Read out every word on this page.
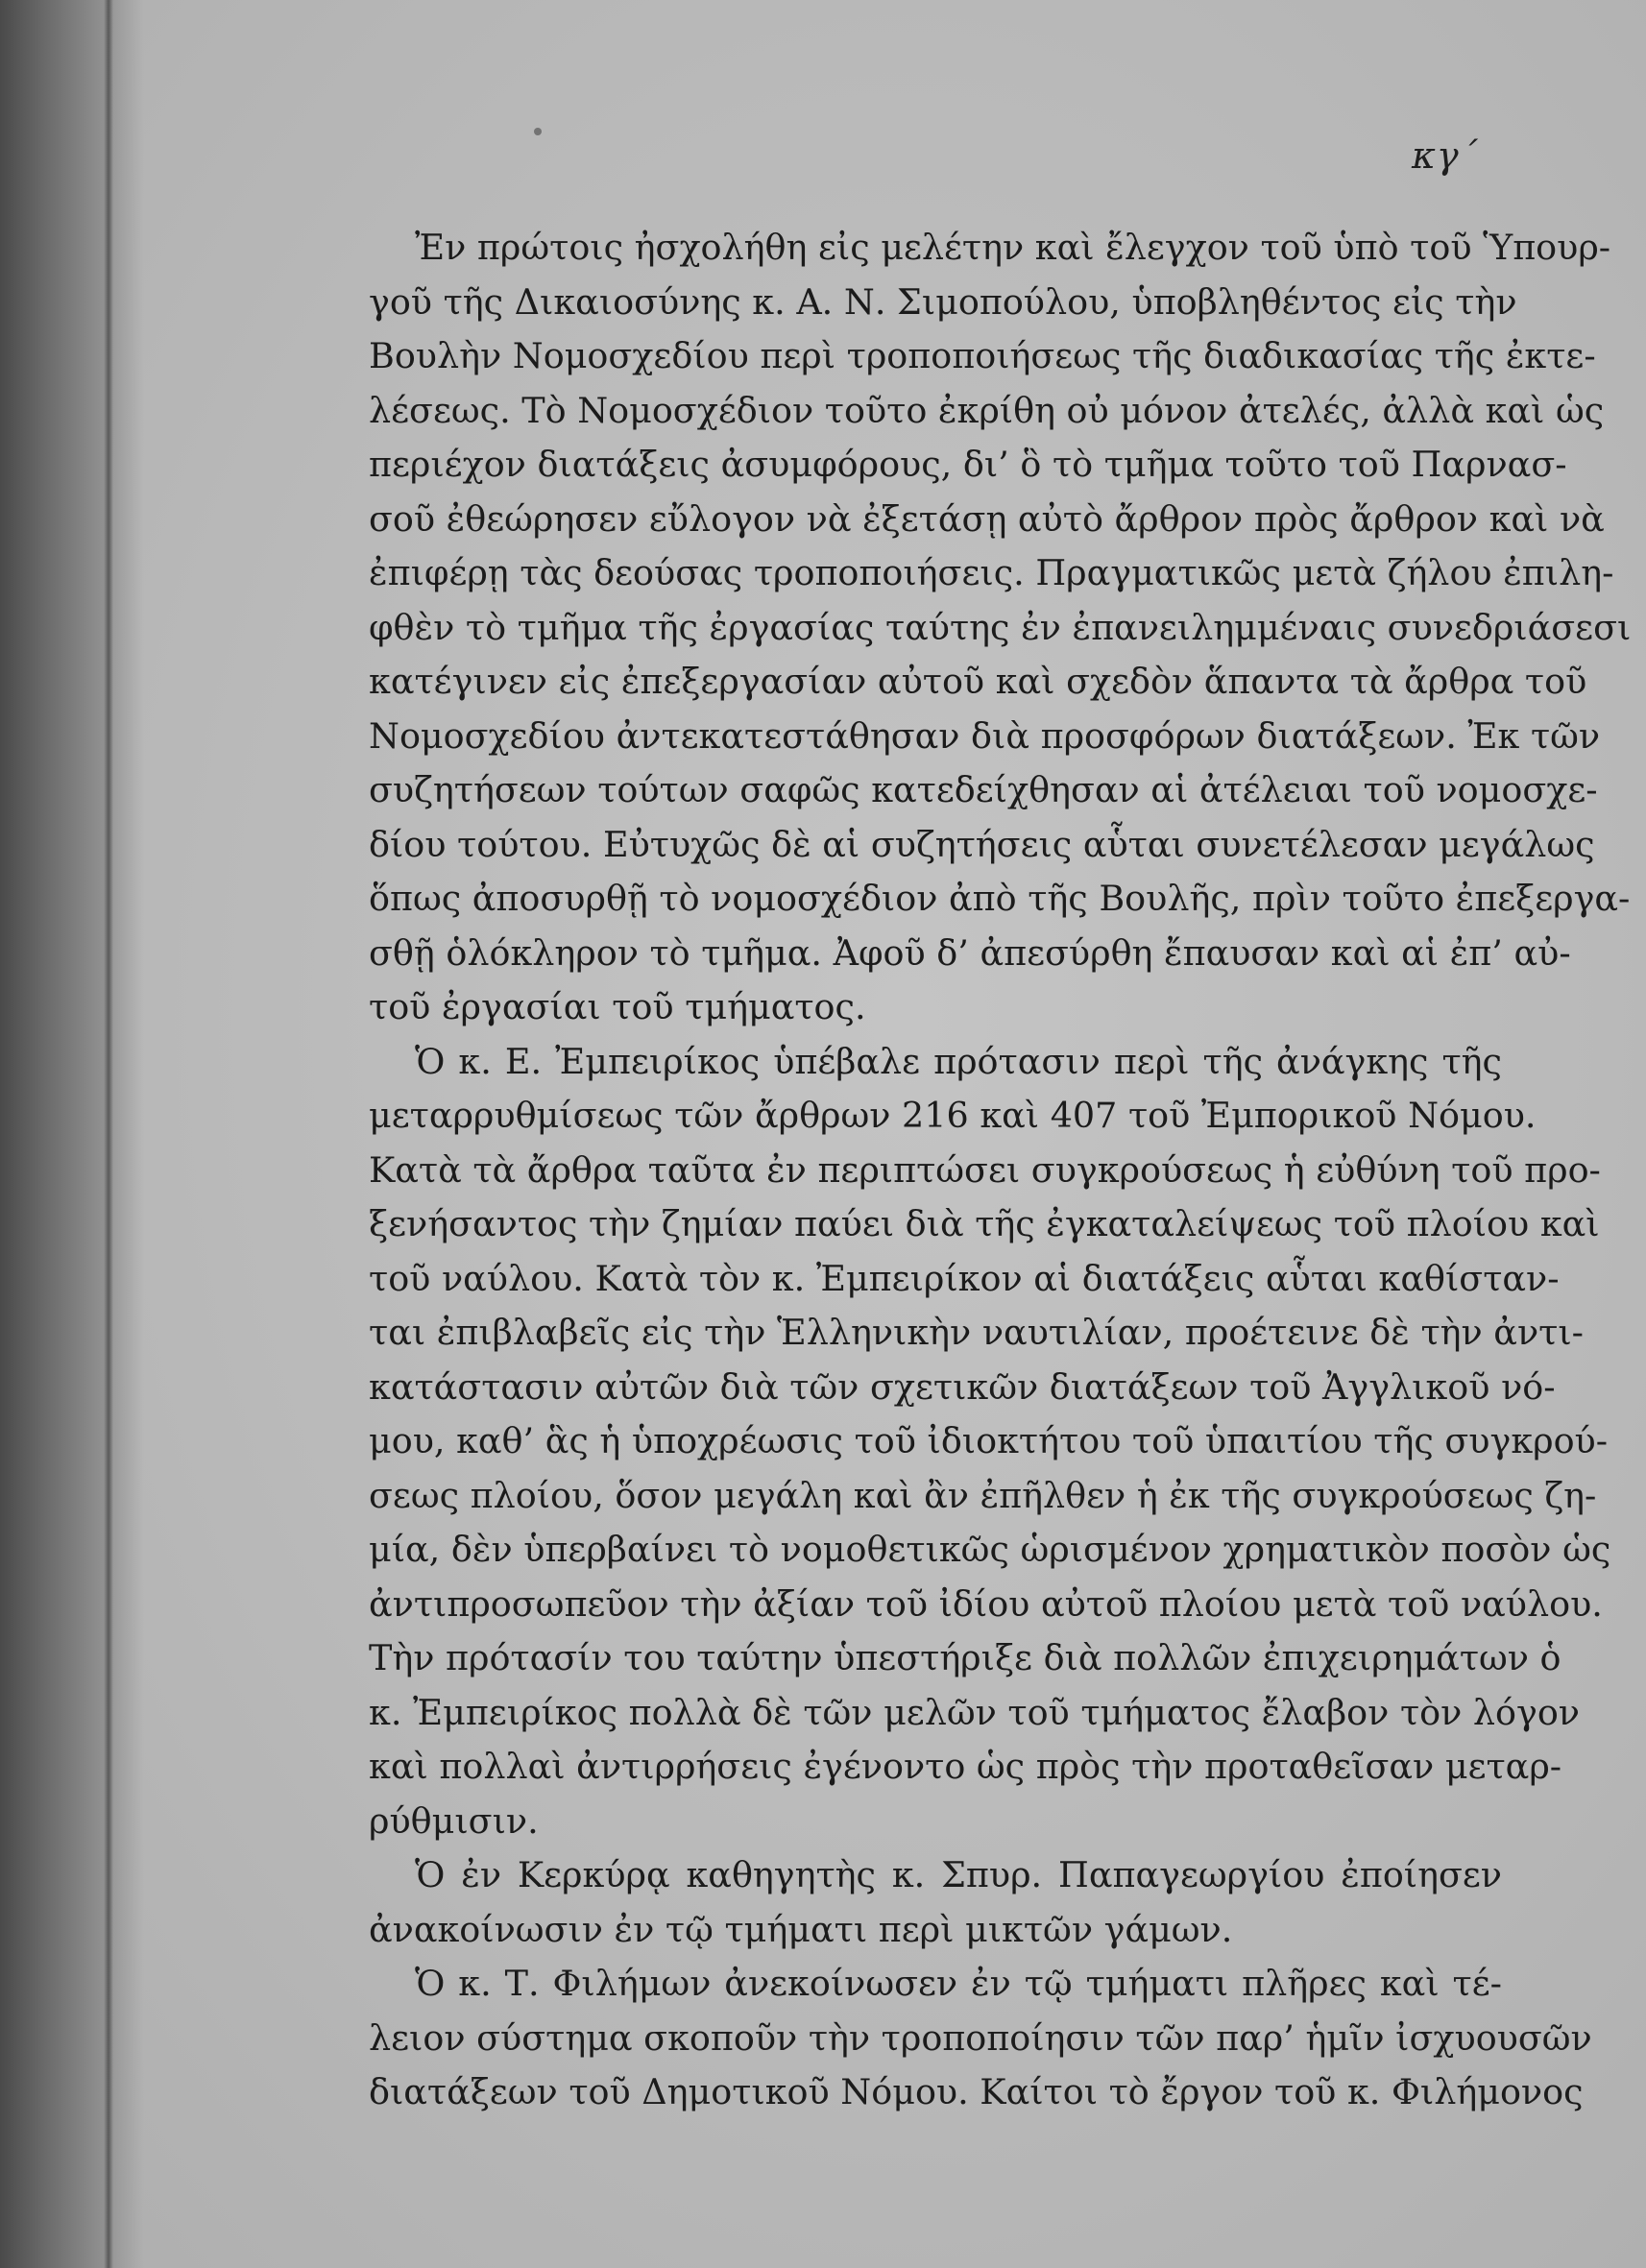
κγ΄
Ἐν πρώτοις ἠσχολήθη εἰς μελέτην καὶ ἔλεγχον τοῦ ὑπὸ τοῦ Ὑπουρ-
γοῦ τῆς Δικαιοσύνης κ. Α. Ν. Σιμοπούλου, ὑποβληθέντος εἰς τὴν
Βουλὴν Νομοσχεδίου περὶ τροποποιήσεως τῆς διαδικασίας τῆς ἐκτε-
λέσεως. Τὸ Νομοσχέδιον τοῦτο ἐκρίθη οὐ μόνον ἀτελές, ἀλλὰ καὶ ὡς
περιέχον διατάξεις ἀσυμφόρους, δι’ ὃ τὸ τμῆμα τοῦτο τοῦ Παρνασ-
σοῦ ἐθεώρησεν εὔλογον νὰ ἐξετάσῃ αὐτὸ ἄρθρον πρὸς ἄρθρον καὶ νὰ
ἐπιφέρῃ τὰς δεούσας τροποποιήσεις. Πραγματικῶς μετὰ ζήλου ἐπιλη-
φθὲν τὸ τμῆμα τῆς ἐργασίας ταύτης ἐν ἐπανειλημμέναις συνεδριάσεσι
κατέγινεν εἰς ἐπεξεργασίαν αὐτοῦ καὶ σχεδὸν ἅπαντα τὰ ἄρθρα τοῦ
Νομοσχεδίου ἀντεκατεστάθησαν διὰ προσφόρων διατάξεων. Ἐκ τῶν
συζητήσεων τούτων σαφῶς κατεδείχθησαν αἱ ἀτέλειαι τοῦ νομοσχε-
δίου τούτου. Εὐτυχῶς δὲ αἱ συζητήσεις αὗται συνετέλεσαν μεγάλως
ὅπως ἀποσυρθῇ τὸ νομοσχέδιον ἀπὸ τῆς Βουλῆς, πρὶν τοῦτο ἐπεξεργα-
σθῇ ὁλόκληρον τὸ τμῆμα. Ἀφοῦ δ’ ἀπεσύρθη ἔπαυσαν καὶ αἱ ἐπ’ αὐ-
τοῦ ἐργασίαι τοῦ τμήματος.
Ὁ κ. Ε. Ἐμπειρίκος ὑπέβαλε πρότασιν περὶ τῆς ἀνάγκης τῆς
μεταρρυθμίσεως τῶν ἄρθρων 216 καὶ 407 τοῦ Ἐμπορικοῦ Νόμου.
Κατὰ τὰ ἄρθρα ταῦτα ἐν περιπτώσει συγκρούσεως ἡ εὐθύνη τοῦ προ-
ξενήσαντος τὴν ζημίαν παύει διὰ τῆς ἐγκαταλείψεως τοῦ πλοίου καὶ
τοῦ ναύλου. Κατὰ τὸν κ. Ἐμπειρίκον αἱ διατάξεις αὗται καθίσταν-
ται ἐπιβλαβεῖς εἰς τὴν Ἑλληνικὴν ναυτιλίαν, προέτεινε δὲ τὴν ἀντι-
κατάστασιν αὐτῶν διὰ τῶν σχετικῶν διατάξεων τοῦ Ἀγγλικοῦ νό-
μου, καθ’ ἃς ἡ ὑποχρέωσις τοῦ ἰδιοκτήτου τοῦ ὑπαιτίου τῆς συγκρού-
σεως πλοίου, ὅσον μεγάλη καὶ ἂν ἐπῆλθεν ἡ ἐκ τῆς συγκρούσεως ζη-
μία, δὲν ὑπερβαίνει τὸ νομοθετικῶς ὡρισμένον χρηματικὸν ποσὸν ὡς
ἀντιπροσωπεῦον τὴν ἀξίαν τοῦ ἰδίου αὐτοῦ πλοίου μετὰ τοῦ ναύλου.
Τὴν πρότασίν του ταύτην ὑπεστήριξε διὰ πολλῶν ἐπιχειρημάτων ὁ
κ. Ἐμπειρίκος πολλὰ δὲ τῶν μελῶν τοῦ τμήματος ἔλαβον τὸν λόγον
καὶ πολλαὶ ἀντιρρήσεις ἐγένοντο ὡς πρὸς τὴν προταθεῖσαν μεταρ-
ρύθμισιν.
Ὁ ἐν Κερκύρᾳ καθηγητὴς κ. Σπυρ. Παπαγεωργίου ἐποίησεν
ἀνακοίνωσιν ἐν τῷ τμήματι περὶ μικτῶν γάμων.
Ὁ κ. Τ. Φιλήμων ἀνεκοίνωσεν ἐν τῷ τμήματι πλῆρες καὶ τέ-
λειον σύστημα σκοποῦν τὴν τροποποίησιν τῶν παρ’ ἡμῖν ἰσχυουσῶν
διατάξεων τοῦ Δημοτικοῦ Νόμου. Καίτοι τὸ ἔργον τοῦ κ. Φιλήμονος
